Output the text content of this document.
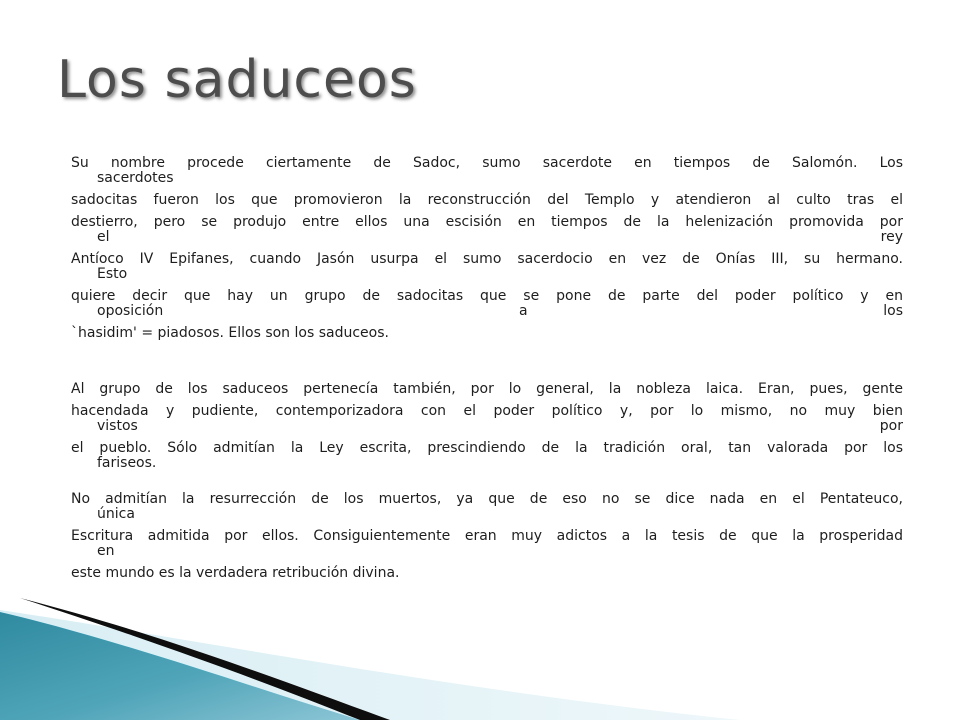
Los saduceos
Su nombre procede ciertamente de Sadoc, sumo sacerdote en tiempos de Salomón. Los
sacerdotes
sadocitas fueron los que promovieron la reconstrucción del Templo y atendieron al culto tras el
destierro, pero se produjo entre ellos una escisión en tiempos de la helenización promovida por
el rey
Antíoco IV Epifanes, cuando Jasón usurpa el sumo sacerdocio en vez de Onías III, su hermano.
Esto
quiere decir que hay un grupo de sadocitas que se pone de parte del poder político y en
oposición a los
`hasidim' = piadosos. Ellos son los saduceos.
Al grupo de los saduceos pertenecía también, por lo general, la nobleza laica. Eran, pues, gente
hacendada y pudiente, contemporizadora con el poder político y, por lo mismo, no muy bien
vistos por
el pueblo. Sólo admitían la Ley escrita, prescindiendo de la tradición oral, tan valorada por los
fariseos.
No admitían la resurrección de los muertos, ya que de eso no se dice nada en el Pentateuco,
única
Escritura admitida por ellos. Consiguientemente eran muy adictos a la tesis de que la prosperidad
en
este mundo es la verdadera retribución divina.
